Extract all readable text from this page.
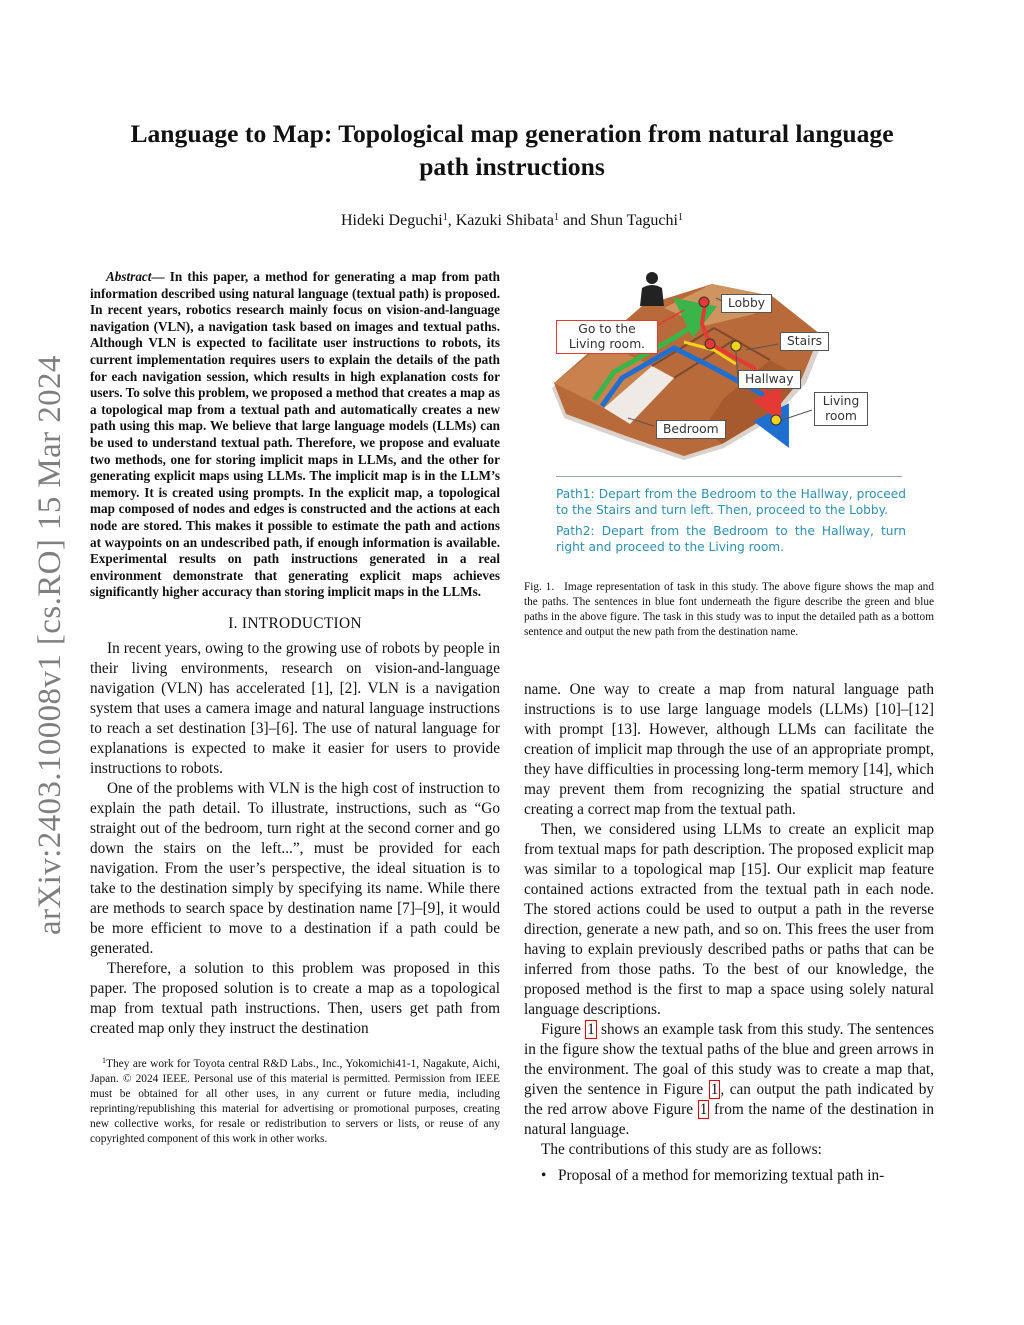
arXiv:2403.10008v1 [cs.RO] 15 Mar 2024
Language to Map: Topological map generation from natural language
path instructions
Hideki Deguchi$^1$, Kazuki Shibata$^1$ and Shun Taguchi$^1$

Abstract— In this paper, a method for generating a map from path information described using natural language (textual path) is proposed. In recent years, robotics research mainly focus on vision-and-language navigation (VLN), a navigation task based on images and textual paths. Although VLN is expected to facilitate user instructions to robots, its current implementation requires users to explain the details of the path for each navigation session, which results in high explanation costs for users. To solve this problem, we proposed a method that creates a map as a topological map from a textual path and automatically creates a new path using this map. We believe that large language models (LLMs) can be used to understand textual path. Therefore, we propose and evaluate two methods, one for storing implicit maps in LLMs, and the other for generating explicit maps using LLMs. The implicit map is in the LLM’s memory. It is created using prompts. In the explicit map, a topological map composed of nodes and edges is constructed and the actions at each node are stored. This makes it possible to estimate the path and actions at waypoints on an undescribed path, if enough information is available. Experimental results on path instructions generated in a real environment demonstrate that generating explicit maps achieves significantly higher accuracy than storing implicit maps in the LLMs.

I. INTRODUCTION

In recent years, owing to the growing use of robots by people in their living environments, research on vision-and-language navigation (VLN) has accelerated [1], [2]. VLN is a navigation system that uses a camera image and natural language instructions to reach a set destination [3]–[6]. The use of natural language for explanations is expected to make it easier for users to provide instructions to robots.

One of the problems with VLN is the high cost of instruction to explain the path detail. To illustrate, instructions, such as “Go straight out of the bedroom, turn right at the second corner and go down the stairs on the left...”, must be provided for each navigation. From the user’s perspective, the ideal situation is to take to the destination simply by specifying its name. While there are methods to search space by destination name [7]–[9], it would be more efficient to move to a destination if a path could be generated.

Therefore, a solution to this problem was proposed in this paper. The proposed solution is to create a map as a topological map from textual path instructions. Then, users get path from created map only they instruct the destination

$^1$They are work for Toyota central R&D Labs., Inc., Yokomichi41-1, Nagakute, Aichi, Japan. © 2024 IEEE. Personal use of this material is permitted. Permission from IEEE must be obtained for all other uses, in any current or future media, including reprinting/republishing this material for advertising or promotional purposes, creating new collective works, for resale or redistribution to servers or lists, or reuse of any copyrighted component of this work in other works.

Go to the Living room.
Lobby
Stairs
Hallway
Living room
Bedroom
Path1: Depart from the Bedroom to the Hallway, proceed to the Stairs and turn left. Then, proceed to the Lobby.
Path2: Depart from the Bedroom to the Hallway, turn right and proceed to the Living room.

Fig. 1. Image representation of task in this study. The above figure shows the map and the paths. The sentences in blue font underneath the figure describe the green and blue paths in the above figure. The task in this study was to input the detailed path as a bottom sentence and output the new path from the destination name.

name. One way to create a map from natural language path instructions is to use large language models (LLMs) [10]–[12] with prompt [13]. However, although LLMs can facilitate the creation of implicit map through the use of an appropriate prompt, they have difficulties in processing long-term memory [14], which may prevent them from recognizing the spatial structure and creating a correct map from the textual path.

Then, we considered using LLMs to create an explicit map from textual maps for path description. The proposed explicit map was similar to a topological map [15]. Our explicit map feature contained actions extracted from the textual path in each node. The stored actions could be used to output a path in the reverse direction, generate a new path, and so on. This frees the user from having to explain previously described paths or paths that can be inferred from those paths. To the best of our knowledge, the proposed method is the first to map a space using solely natural language descriptions.

Figure 1 shows an example task from this study. The sentences in the figure show the textual paths of the blue and green arrows in the environment. The goal of this study was to create a map that, given the sentence in Figure 1 , can output the path indicated by the red arrow above Figure 1 from the name of the destination in natural language.

The contributions of this study are as follows:

• Proposal of a method for memorizing textual path in-
